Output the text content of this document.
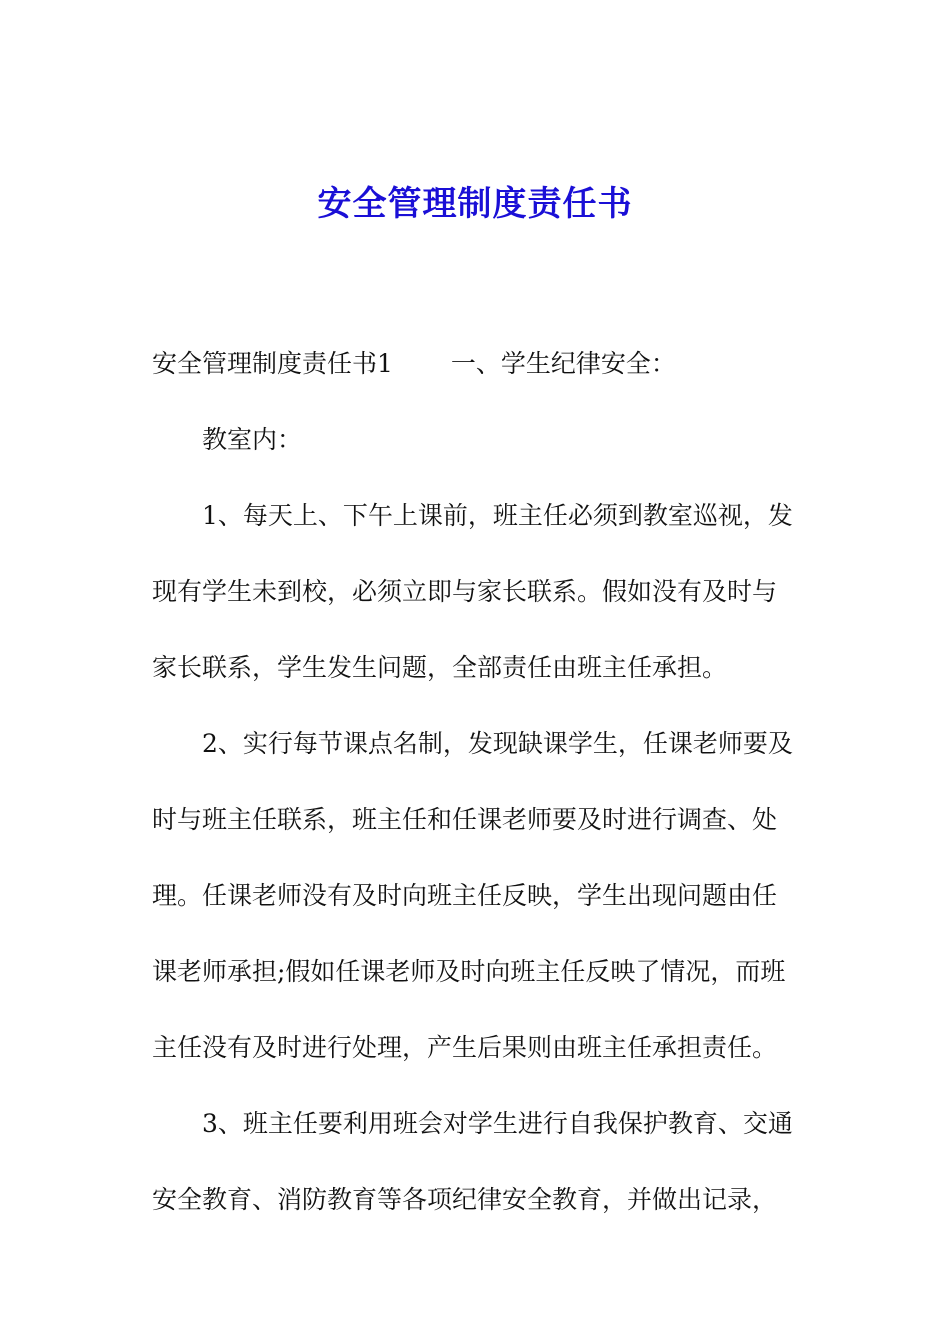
安全管理制度责任书
安全管理制度责任书1 一、学生纪律安全：
教室内：
1、每天上、下午上课前，班主任必须到教室巡视，发
现有学生未到校，必须立即与家长联系。假如没有及时与
家长联系，学生发生问题，全部责任由班主任承担。
2、实行每节课点名制，发现缺课学生，任课老师要及
时与班主任联系，班主任和任课老师要及时进行调查、处
理。任课老师没有及时向班主任反映，学生出现问题由任
课老师承担;假如任课老师及时向班主任反映了情况，而班
主任没有及时进行处理，产生后果则由班主任承担责任。
3、班主任要利用班会对学生进行自我保护教育、交通
安全教育、消防教育等各项纪律安全教育，并做出记录，
